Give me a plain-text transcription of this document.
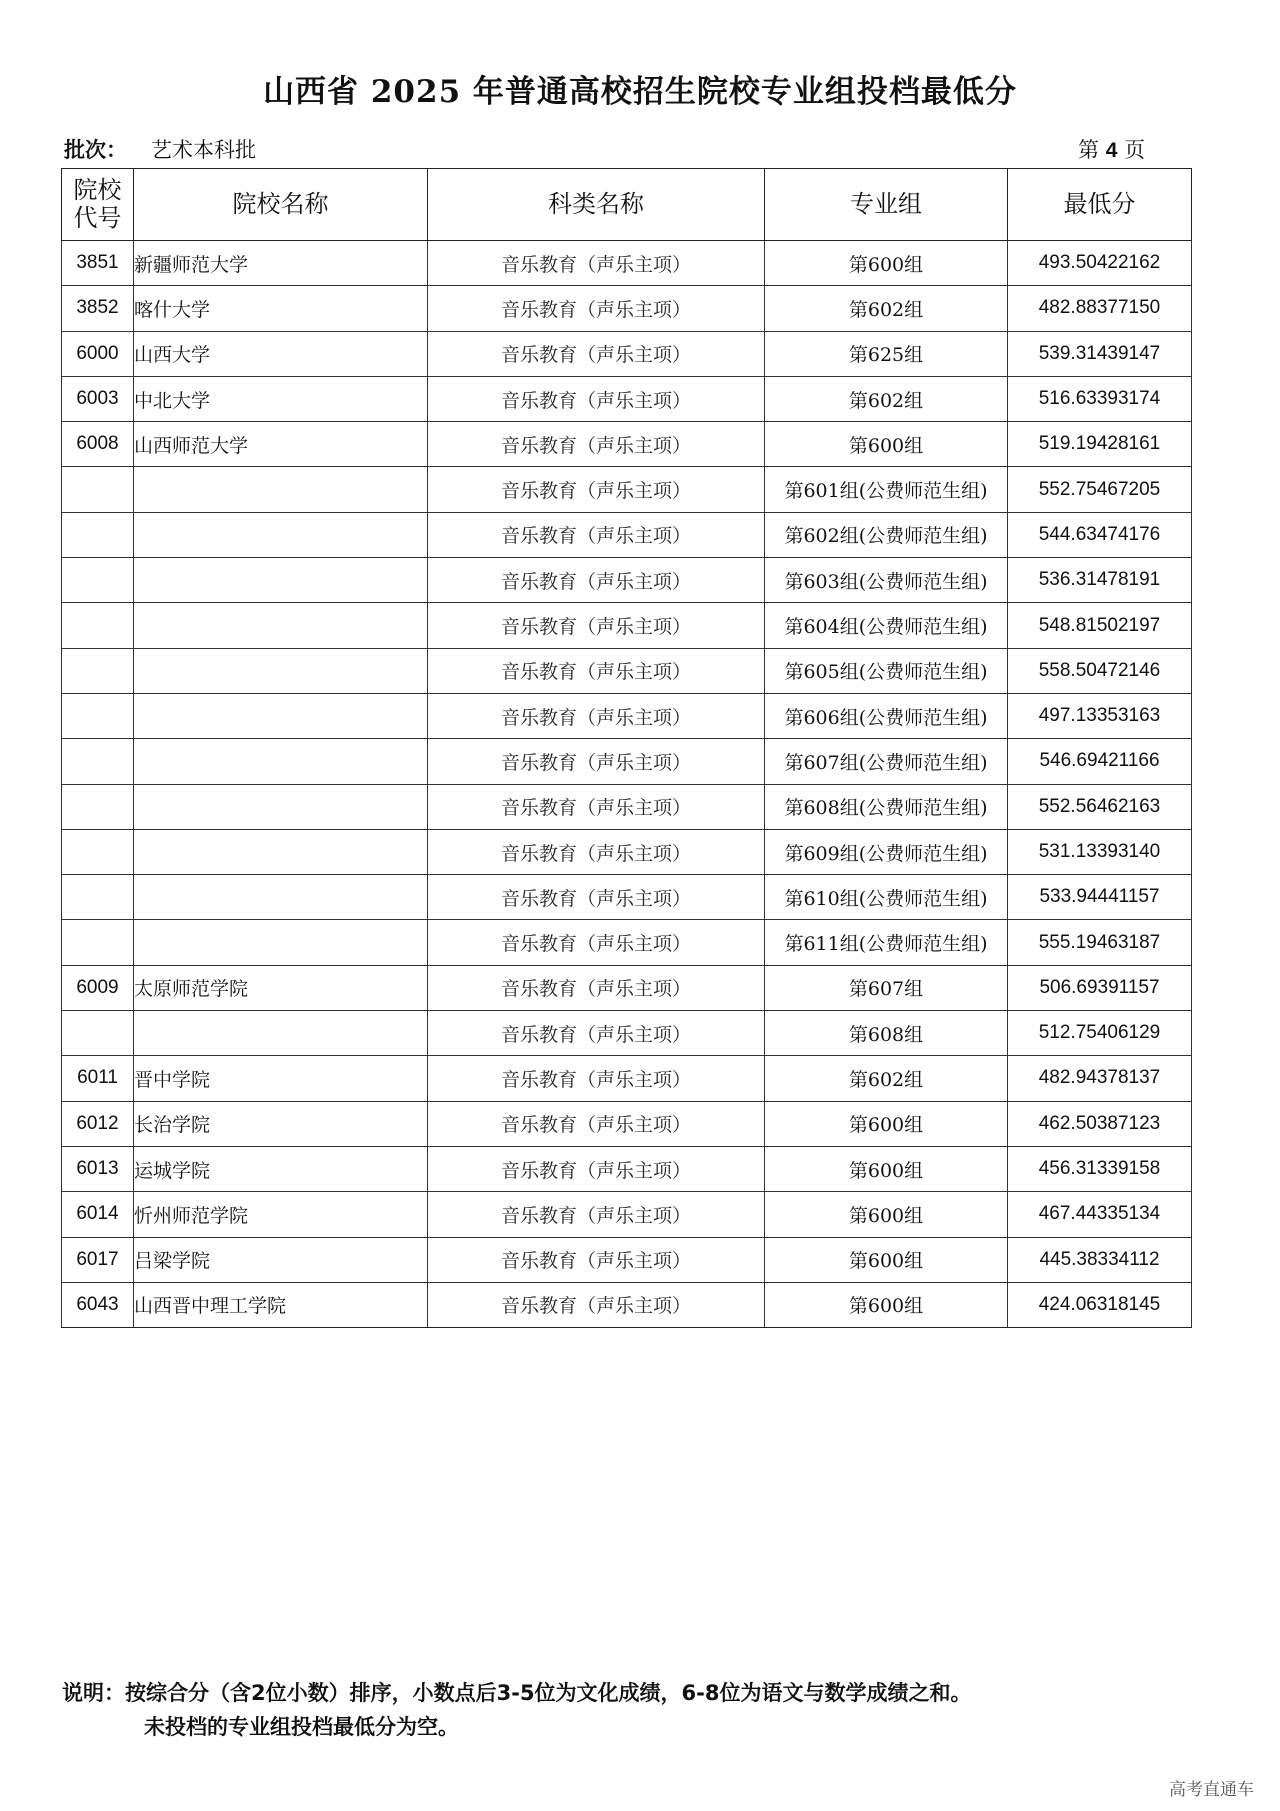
山西省 2025 年普通高校招生院校专业组投档最低分
批次： 艺术本科批	第 4 页
院校
代号	院校名称	科类名称	专业组	最低分
3851	新疆师范大学	音乐教育（声乐主项）	第600组	493.50422162
3852	喀什大学	音乐教育（声乐主项）	第602组	482.88377150
6000	山西大学	音乐教育（声乐主项）	第625组	539.31439147
6003	中北大学	音乐教育（声乐主项）	第602组	516.63393174
6008	山西师范大学	音乐教育（声乐主项）	第600组	519.19428161
		音乐教育（声乐主项）	第601组(公费师范生组)	552.75467205
		音乐教育（声乐主项）	第602组(公费师范生组)	544.63474176
		音乐教育（声乐主项）	第603组(公费师范生组)	536.31478191
		音乐教育（声乐主项）	第604组(公费师范生组)	548.81502197
		音乐教育（声乐主项）	第605组(公费师范生组)	558.50472146
		音乐教育（声乐主项）	第606组(公费师范生组)	497.13353163
		音乐教育（声乐主项）	第607组(公费师范生组)	546.69421166
		音乐教育（声乐主项）	第608组(公费师范生组)	552.56462163
		音乐教育（声乐主项）	第609组(公费师范生组)	531.13393140
		音乐教育（声乐主项）	第610组(公费师范生组)	533.94441157
		音乐教育（声乐主项）	第611组(公费师范生组)	555.19463187
6009	太原师范学院	音乐教育（声乐主项）	第607组	506.69391157
		音乐教育（声乐主项）	第608组	512.75406129
6011	晋中学院	音乐教育（声乐主项）	第602组	482.94378137
6012	长治学院	音乐教育（声乐主项）	第600组	462.50387123
6013	运城学院	音乐教育（声乐主项）	第600组	456.31339158
6014	忻州师范学院	音乐教育（声乐主项）	第600组	467.44335134
6017	吕梁学院	音乐教育（声乐主项）	第600组	445.38334112
6043	山西晋中理工学院	音乐教育（声乐主项）	第600组	424.06318145
说明：按综合分（含2位小数）排序，小数点后3-5位为文化成绩，6-8位为语文与数学成绩之和。
未投档的专业组投档最低分为空。
高考直通车
